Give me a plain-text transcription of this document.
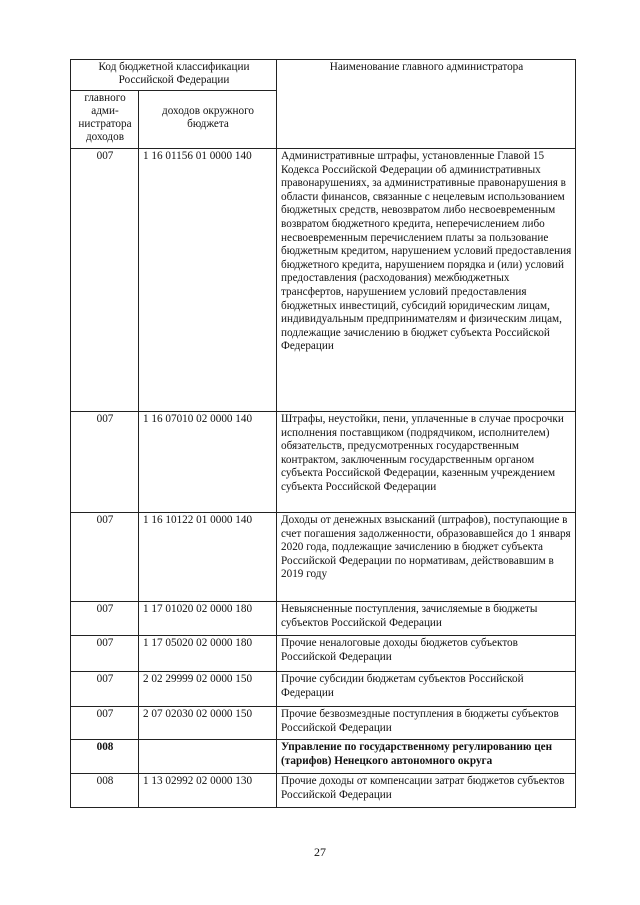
Код бюджетной классификации Российской Федерации		Наименование главного администратора
главного адми-нистратора доходов	доходов окружного бюджета	
007	1 16 01156 01 0000 140	Административные штрафы, установленные Главой 15 Кодекса Российской Федерации об административных правонарушениях, за административные правонарушения в области финансов, связанные с нецелевым использованием бюджетных средств, невозвратом либо несвоевременным возвратом бюджетного кредита, неперечислением либо несвоевременным перечислением платы за пользование бюджетным кредитом, нарушением условий предоставления бюджетного кредита, нарушением порядка и (или) условий предоставления (расходования) межбюджетных трансфертов, нарушением условий предоставления бюджетных инвестиций, субсидий юридическим лицам, индивидуальным предпринимателям и физическим лицам, подлежащие зачислению в бюджет субъекта Российской Федерации
007	1 16 07010 02 0000 140	Штрафы, неустойки, пени, уплаченные в случае просрочки исполнения поставщиком (подрядчиком, исполнителем) обязательств, предусмотренных государственным контрактом, заключенным государственным органом субъекта Российской Федерации, казенным учреждением субъекта Российской Федерации
007	1 16 10122 01 0000 140	Доходы от денежных взысканий (штрафов), поступающие в счет погашения задолженности, образовавшейся до 1 января 2020 года, подлежащие зачислению в бюджет субъекта Российской Федерации по нормативам, действовавшим в 2019 году
007	1 17 01020 02 0000 180	Невыясненные поступления, зачисляемые в бюджеты субъектов Российской Федерации
007	1 17 05020 02 0000 180	Прочие неналоговые доходы бюджетов субъектов Российской Федерации
007	2 02 29999 02 0000 150	Прочие субсидии бюджетам субъектов Российской Федерации
007	2 07 02030 02 0000 150	Прочие безвозмездные поступления в бюджеты субъектов Российской Федерации
008		Управление по государственному регулированию цен (тарифов) Ненецкого автономного округа
008	1 13 02992 02 0000 130	Прочие доходы от компенсации затрат бюджетов субъектов Российской Федерации
27
